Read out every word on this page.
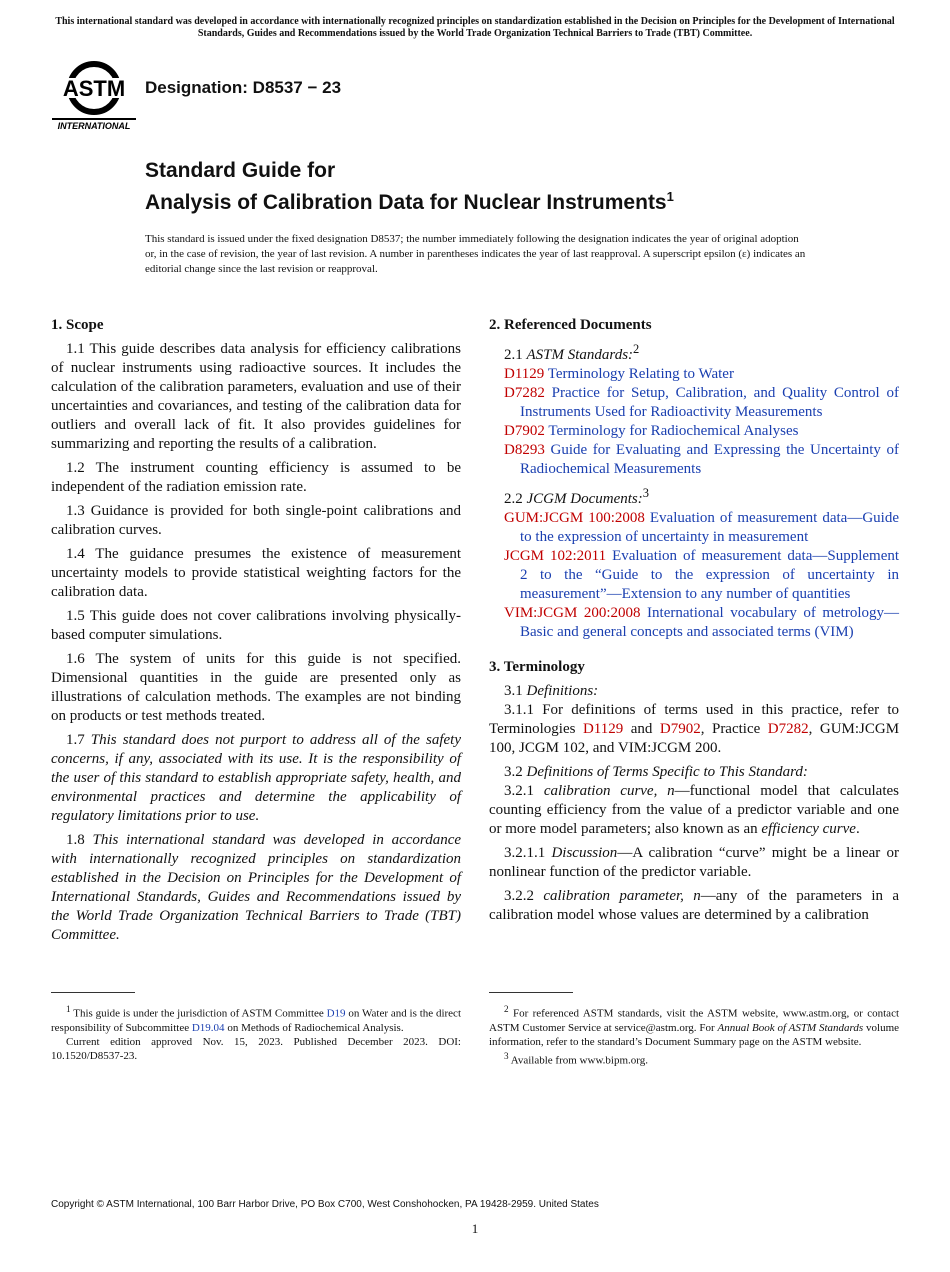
This international standard was developed in accordance with internationally recognized principles on standardization established in the Decision on Principles for the Development of International Standards, Guides and Recommendations issued by the World Trade Organization Technical Barriers to Trade (TBT) Committee.
ASTM
INTERNATIONAL
Designation: D8537 − 23
Standard Guide for
Analysis of Calibration Data for Nuclear Instruments$^1$
This standard is issued under the fixed designation D8537; the number immediately following the designation indicates the year of original adoption or, in the case of revision, the year of last revision. A number in parentheses indicates the year of last reapproval. A superscript epsilon (ε) indicates an editorial change since the last revision or reapproval.
1. Scope

1.1 This guide describes data analysis for efficiency calibrations of nuclear instruments using radioactive sources. It includes the calculation of the calibration parameters, evaluation and use of their uncertainties and covariances, and testing of the calibration data for outliers and overall lack of fit. It also provides guidelines for summarizing and reporting the results of a calibration.

1.2 The instrument counting efficiency is assumed to be independent of the radiation emission rate.

1.3 Guidance is provided for both single-point calibrations and calibration curves.

1.4 The guidance presumes the existence of measurement uncertainty models to provide statistical weighting factors for the calibration data.

1.5 This guide does not cover calibrations involving physically-based computer simulations.

1.6 The system of units for this guide is not specified. Dimensional quantities in the guide are presented only as illustrations of calculation methods. The examples are not binding on products or test methods treated.

1.7 This standard does not purport to address all of the safety concerns, if any, associated with its use. It is the responsibility of the user of this standard to establish appropriate safety, health, and environmental practices and determine the applicability of regulatory limitations prior to use.

1.8 This international standard was developed in accordance with internationally recognized principles on standardization established in the Decision on Principles for the Development of International Standards, Guides and Recommendations issued by the World Trade Organization Technical Barriers to Trade (TBT) Committee.

2. Referenced Documents

2.1 ASTM Standards:$^2$

D1129 Terminology Relating to Water
D7282 Practice for Setup, Calibration, and Quality Control of Instruments Used for Radioactivity Measurements
D7902 Terminology for Radiochemical Analyses
D8293 Guide for Evaluating and Expressing the Uncertainty of Radiochemical Measurements

2.2 JCGM Documents:$^3$

GUM:JCGM 100:2008 Evaluation of measurement data—Guide to the expression of uncertainty in measurement
JCGM 102:2011 Evaluation of measurement data—Supplement 2 to the “Guide to the expression of uncertainty in measurement”—Extension to any number of quantities
VIM:JCGM 200:2008 International vocabulary of metrology—Basic and general concepts and associated terms (VIM)
3. Terminology

3.1 Definitions:

3.1.1 For definitions of terms used in this practice, refer to Terminologies D1129 and D7902, Practice D7282, GUM:JCGM 100, JCGM 102, and VIM:JCGM 200.

3.2 Definitions of Terms Specific to This Standard:

3.2.1 calibration curve, n—functional model that calculates counting efficiency from the value of a predictor variable and one or more model parameters; also known as an efficiency curve.

3.2.1.1 Discussion—A calibration “curve” might be a linear or nonlinear function of the predictor variable.

3.2.2 calibration parameter, n—any of the parameters in a calibration model whose values are determined by a calibration

$^1$ This guide is under the jurisdiction of ASTM Committee D19 on Water and is the direct responsibility of Subcommittee D19.04 on Methods of Radiochemical Analysis.

Current edition approved Nov. 15, 2023. Published December 2023. DOI: 10.1520/D8537-23.

$^2$ For referenced ASTM standards, visit the ASTM website, www.astm.org, or contact ASTM Customer Service at service@astm.org. For Annual Book of ASTM Standards volume information, refer to the standard’s Document Summary page on the ASTM website.

$^3$ Available from www.bipm.org.

Copyright © ASTM International, 100 Barr Harbor Drive, PO Box C700, West Conshohocken, PA 19428-2959. United States
1
